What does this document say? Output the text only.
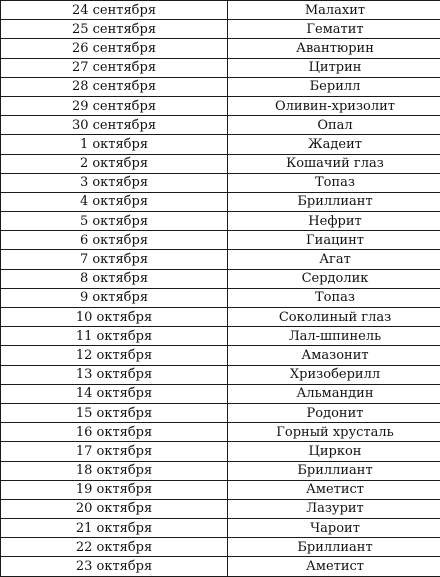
24 сентября	Малахит
25 сентября	Гематит
26 сентября	Авантюрин
27 сентября	Цитрин
28 сентября	Берилл
29 сентября	Оливин-хризолит
30 сентября	Опал
1 октября	Жадеит
2 октября	Кошачий глаз
3 октября	Топаз
4 октября	Бриллиант
5 октября	Нефрит
6 октября	Гиацинт
7 октября	Агат
8 октября	Сердолик
9 октября	Топаз
10 октября	Соколиный глаз
11 октября	Лал-шпинель
12 октября	Амазонит
13 октября	Хризоберилл
14 октября	Альмандин
15 октября	Родонит
16 октября	Горный хрусталь
17 октября	Циркон
18 октября	Бриллиант
19 октября	Аметист
20 октября	Лазурит
21 октября	Чароит
22 октября	Бриллиант
23 октября	Аметист
